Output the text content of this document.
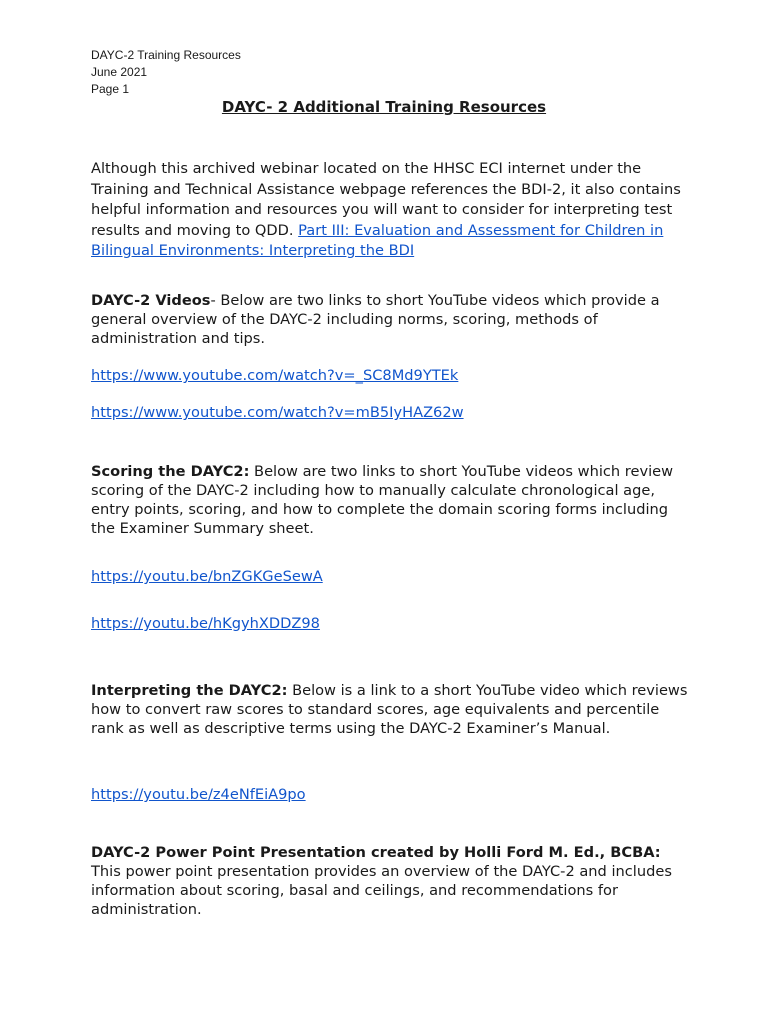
DAYC-2 Training Resources
June 2021
Page 1
DAYC- 2 Additional Training Resources

Although this archived webinar located on the HHSC ECI internet under the Training and Technical Assistance webpage references the BDI-2, it also contains helpful information and resources you will want to consider for interpreting test results and moving to QDD. Part III: Evaluation and Assessment for Children in Bilingual Environments: Interpreting the BDI

DAYC-2 Videos- Below are two links to short YouTube videos which provide a general overview of the DAYC-2 including norms, scoring, methods of administration and tips.

https://www.youtube.com/watch?v=_SC8Md9YTEk
https://www.youtube.com/watch?v=mB5IyHAZ62w

Scoring the DAYC2: Below are two links to short YouTube videos which review scoring of the DAYC-2 including how to manually calculate chronological age, entry points, scoring, and how to complete the domain scoring forms including the Examiner Summary sheet.

https://youtu.be/bnZGKGeSewA
https://youtu.be/hKgyhXDDZ98

Interpreting the DAYC2: Below is a link to a short YouTube video which reviews how to convert raw scores to standard scores, age equivalents and percentile rank as well as descriptive terms using the DAYC-2 Examiner’s Manual.

https://youtu.be/z4eNfEiA9po

DAYC-2 Power Point Presentation created by Holli Ford M. Ed., BCBA: This power point presentation provides an overview of the DAYC-2 and includes information about scoring, basal and ceilings, and recommendations for administration.
